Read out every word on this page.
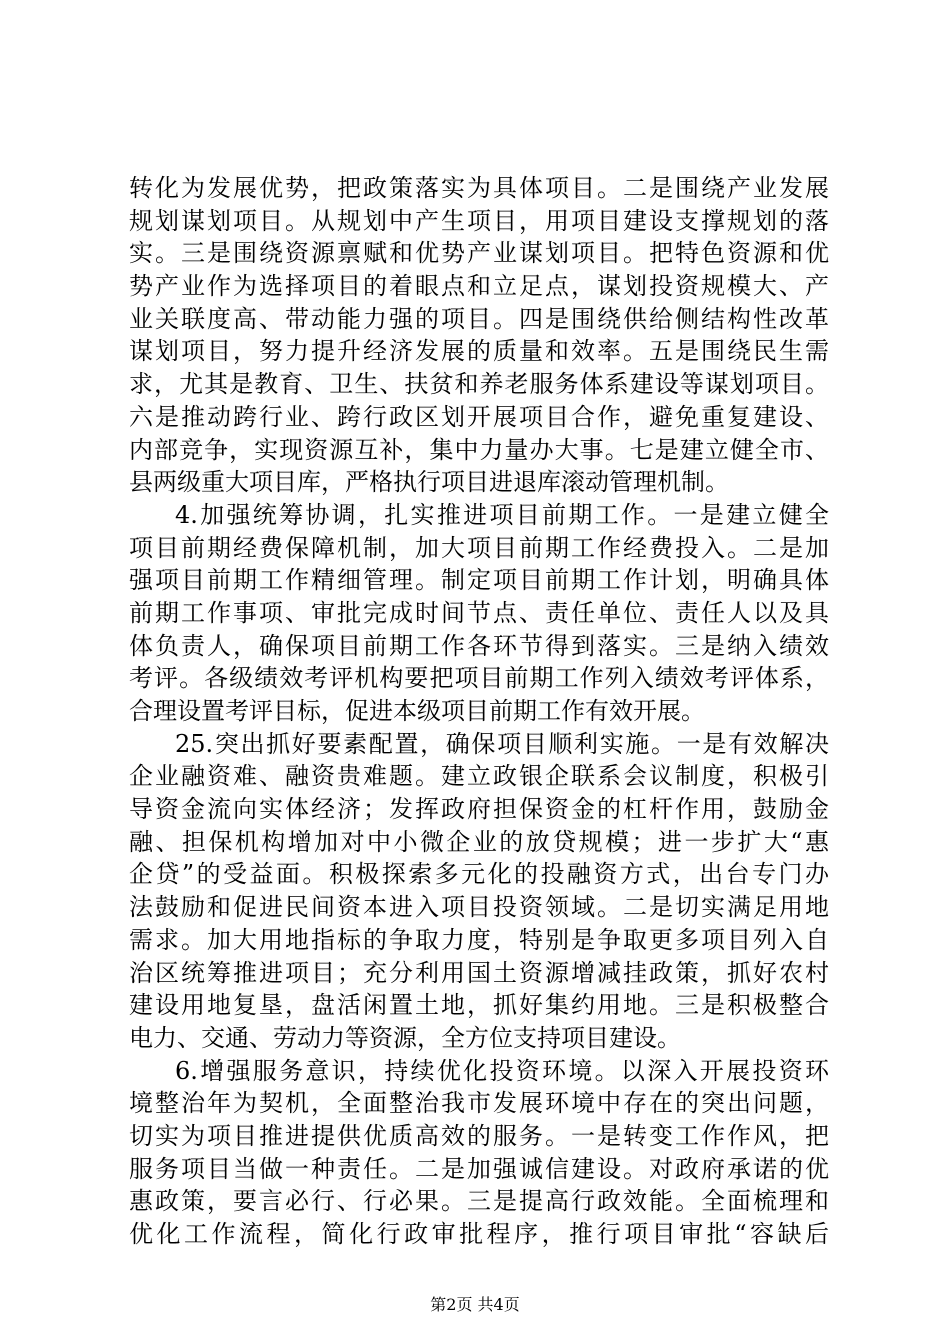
转化为发展优势，把政策落实为具体项目。二是围绕产业发展
规划谋划项目。从规划中产生项目，用项目建设支撑规划的落
实。三是围绕资源禀赋和优势产业谋划项目。把特色资源和优
势产业作为选择项目的着眼点和立足点，谋划投资规模大、产
业关联度高、带动能力强的项目。四是围绕供给侧结构性改革
谋划项目，努力提升经济发展的质量和效率。五是围绕民生需
求，尤其是教育、卫生、扶贫和养老服务体系建设等谋划项目。
六是推动跨行业、跨行政区划开展项目合作，避免重复建设、
内部竞争，实现资源互补，集中力量办大事。七是建立健全市、
县两级重大项目库，严格执行项目进退库滚动管理机制。
4.加强统筹协调，扎实推进项目前期工作。一是建立健全
项目前期经费保障机制，加大项目前期工作经费投入。二是加
强项目前期工作精细管理。制定项目前期工作计划，明确具体
前期工作事项、审批完成时间节点、责任单位、责任人以及具
体负责人，确保项目前期工作各环节得到落实。三是纳入绩效
考评。各级绩效考评机构要把项目前期工作列入绩效考评体系，
合理设置考评目标，促进本级项目前期工作有效开展。
25.突出抓好要素配置，确保项目顺利实施。一是有效解决
企业融资难、融资贵难题。建立政银企联系会议制度，积极引
导资金流向实体经济；发挥政府担保资金的杠杆作用，鼓励金
融、担保机构增加对中小微企业的放贷规模；进一步扩大“惠
企贷”的受益面。积极探索多元化的投融资方式，出台专门办
法鼓励和促进民间资本进入项目投资领域。二是切实满足用地
需求。加大用地指标的争取力度，特别是争取更多项目列入自
治区统筹推进项目；充分利用国土资源增减挂政策，抓好农村
建设用地复垦，盘活闲置土地，抓好集约用地。三是积极整合
电力、交通、劳动力等资源，全方位支持项目建设。
6.增强服务意识，持续优化投资环境。以深入开展投资环
境整治年为契机，全面整治我市发展环境中存在的突出问题，
切实为项目推进提供优质高效的服务。一是转变工作作风，把
服务项目当做一种责任。二是加强诚信建设。对政府承诺的优
惠政策，要言必行、行必果。三是提高行政效能。全面梳理和
优化工作流程，简化行政审批程序，推行项目审批“容缺后
第2页 共4页
